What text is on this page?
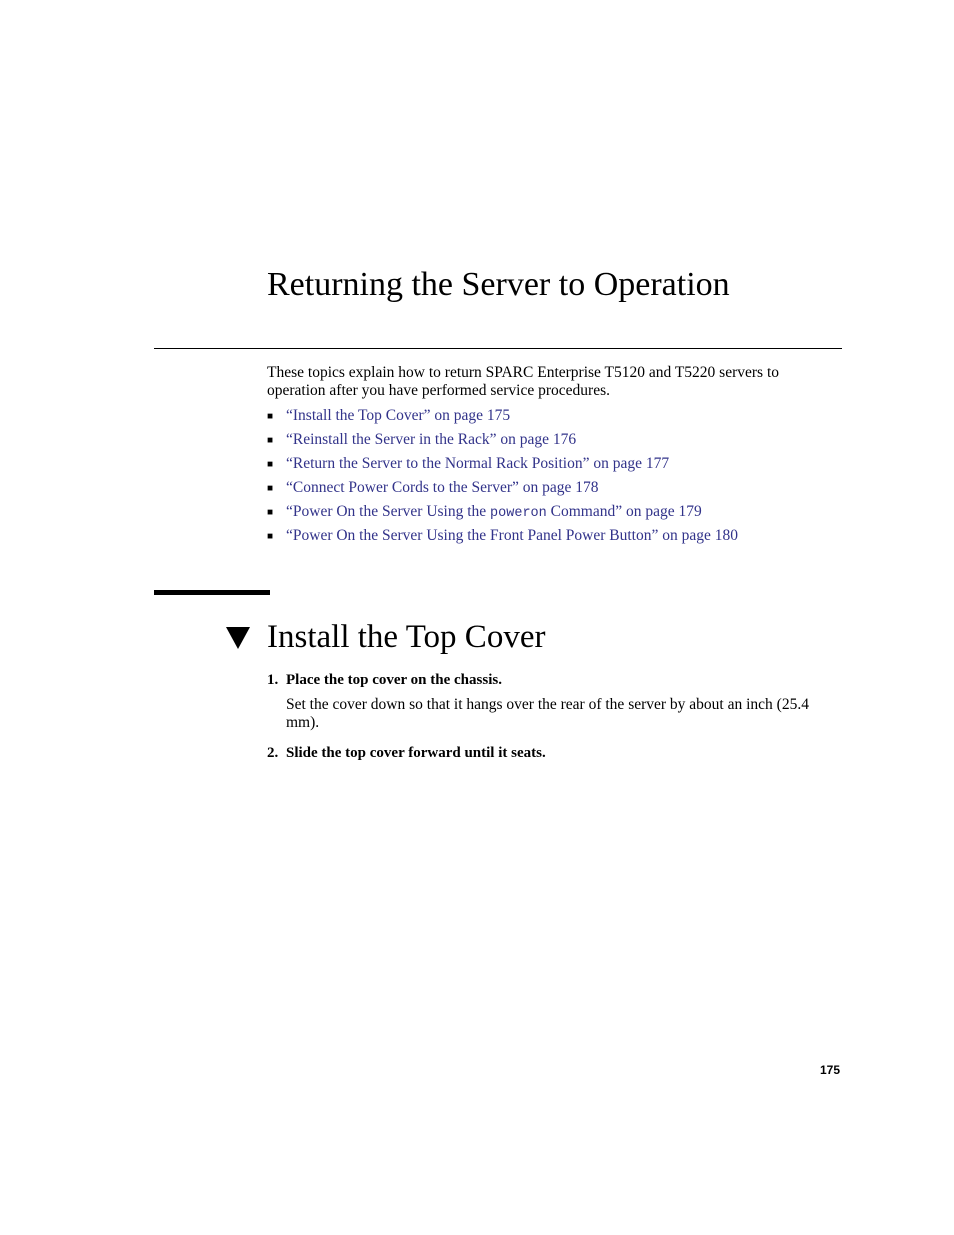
Returning the Server to Operation

These topics explain how to return SPARC Enterprise T5120 and T5220 servers to operation after you have performed service procedures.

■ “Install the Top Cover” on page 175
■ “Reinstall the Server in the Rack” on page 176
■ “Return the Server to the Normal Rack Position” on page 177
■ “Connect Power Cords to the Server” on page 178
■ “Power On the Server Using the poweron Command” on page 179
■ “Power On the Server Using the Front Panel Power Button” on page 180
Install the Top Cover
1. Place the top cover on the chassis.

Set the cover down so that it hangs over the rear of the server by about an inch (25.4 mm).

2. Slide the top cover forward until it seats.
175
